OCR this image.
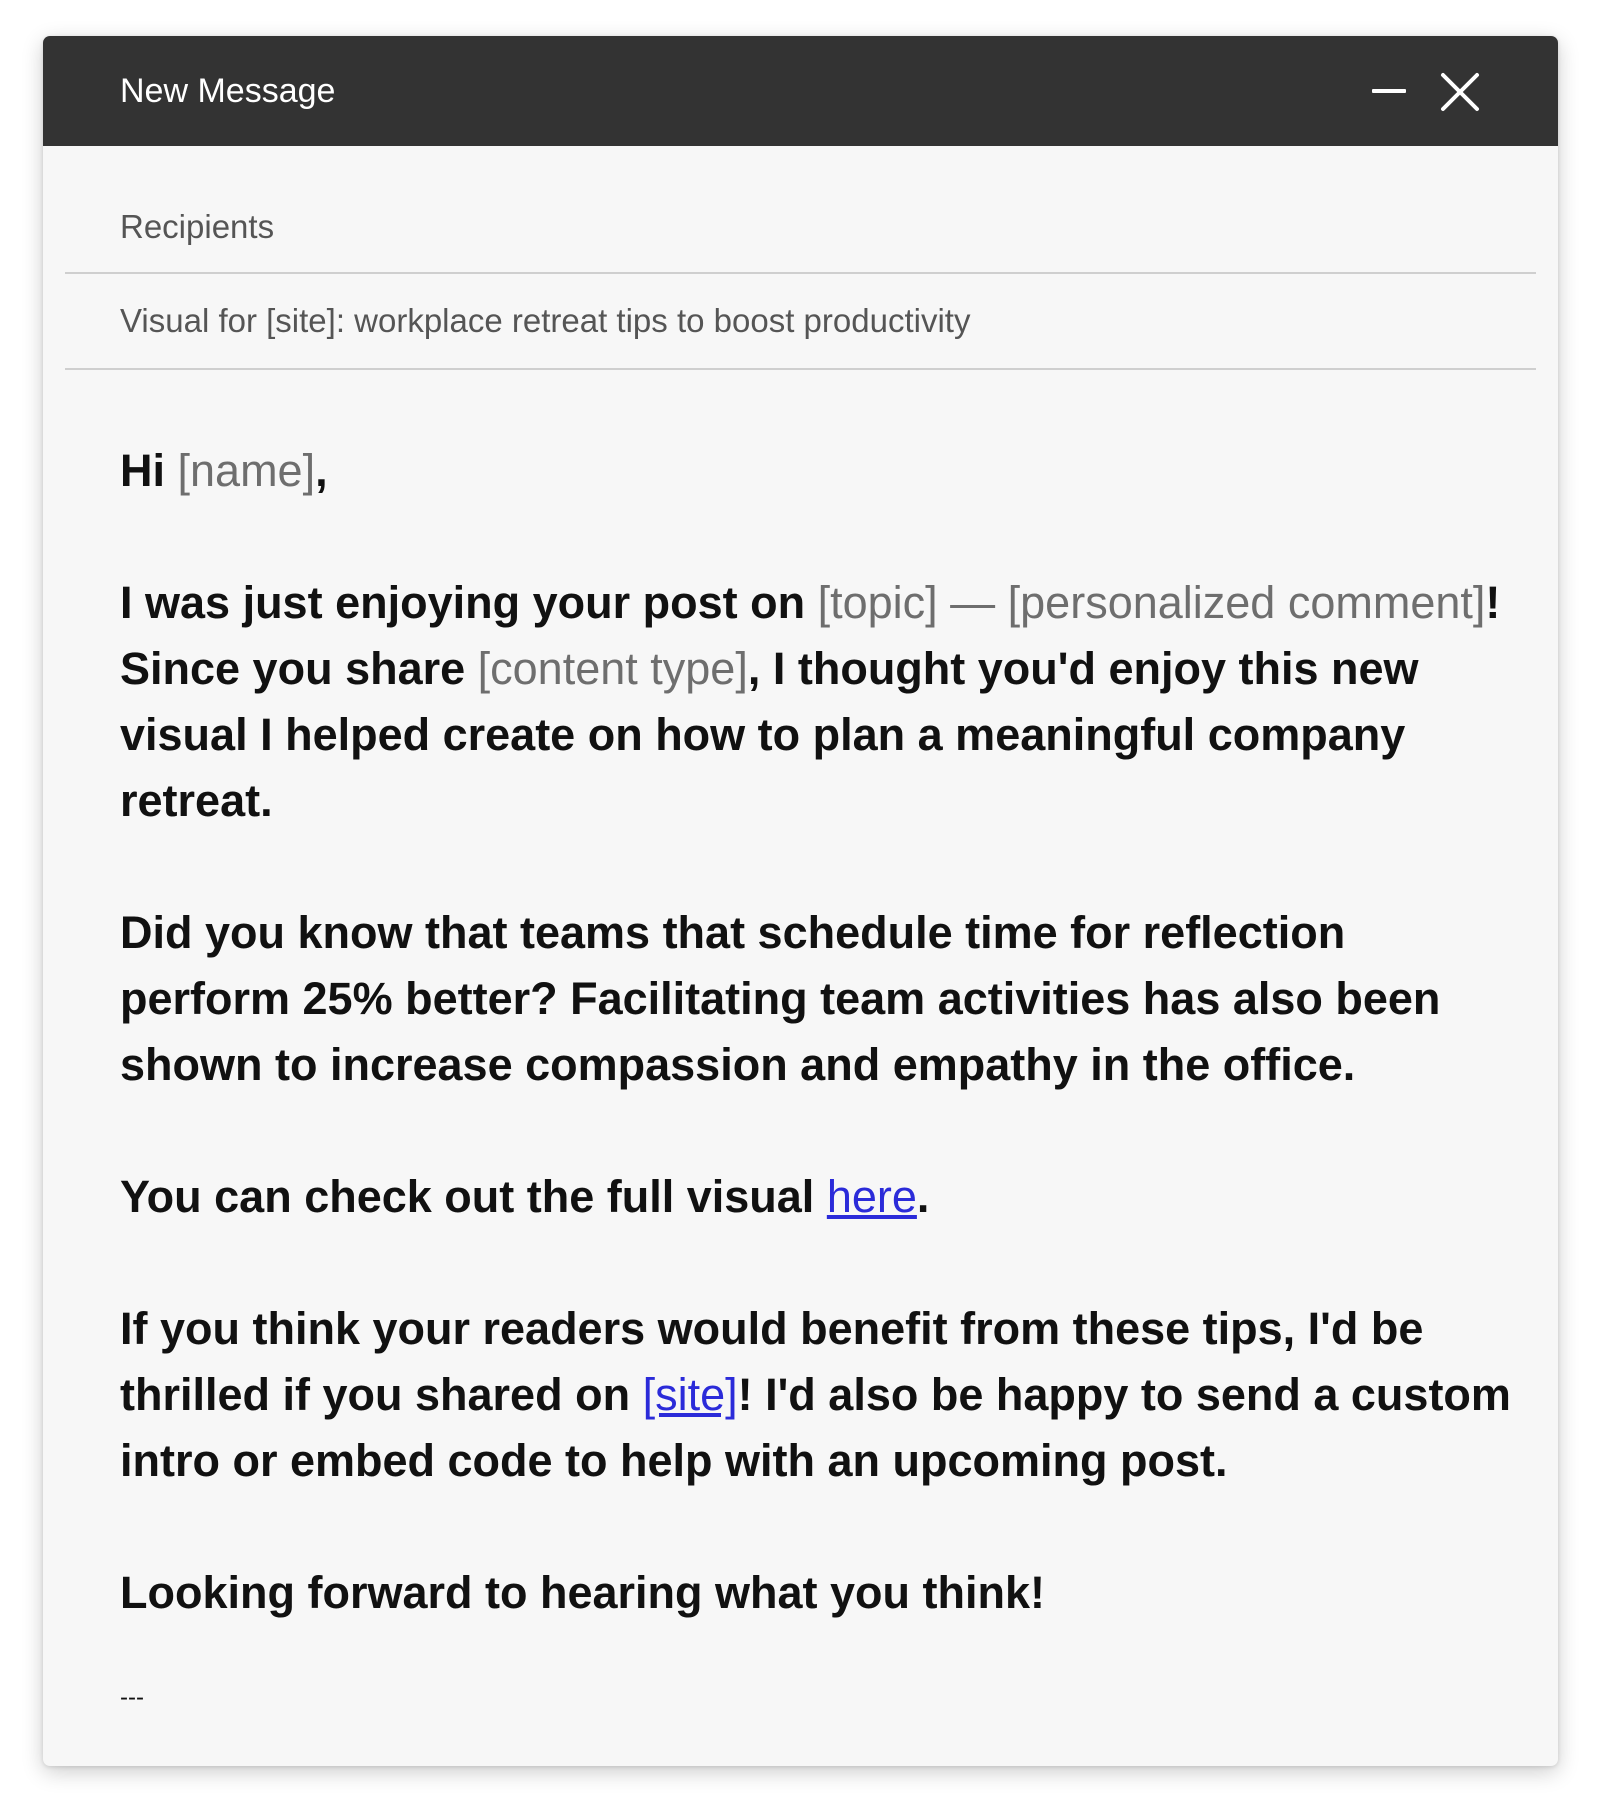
New Message
Recipients
Visual for [site]: workplace retreat tips to boost productivity

Hi [name],

I was just enjoying your post on [topic] — [personalized comment]! Since you share [content type], I thought you'd enjoy this new visual I helped create on how to plan a meaningful company retreat.

Did you know that teams that schedule time for reflection perform 25% better? Facilitating team activities has also been shown to increase compassion and empathy in the office.

You can check out the full visual here.

If you think your readers would benefit from these tips, I'd be thrilled if you shared on [site]! I'd also be happy to send a custom intro or embed code to help with an upcoming post.

Looking forward to hearing what you think!

---
